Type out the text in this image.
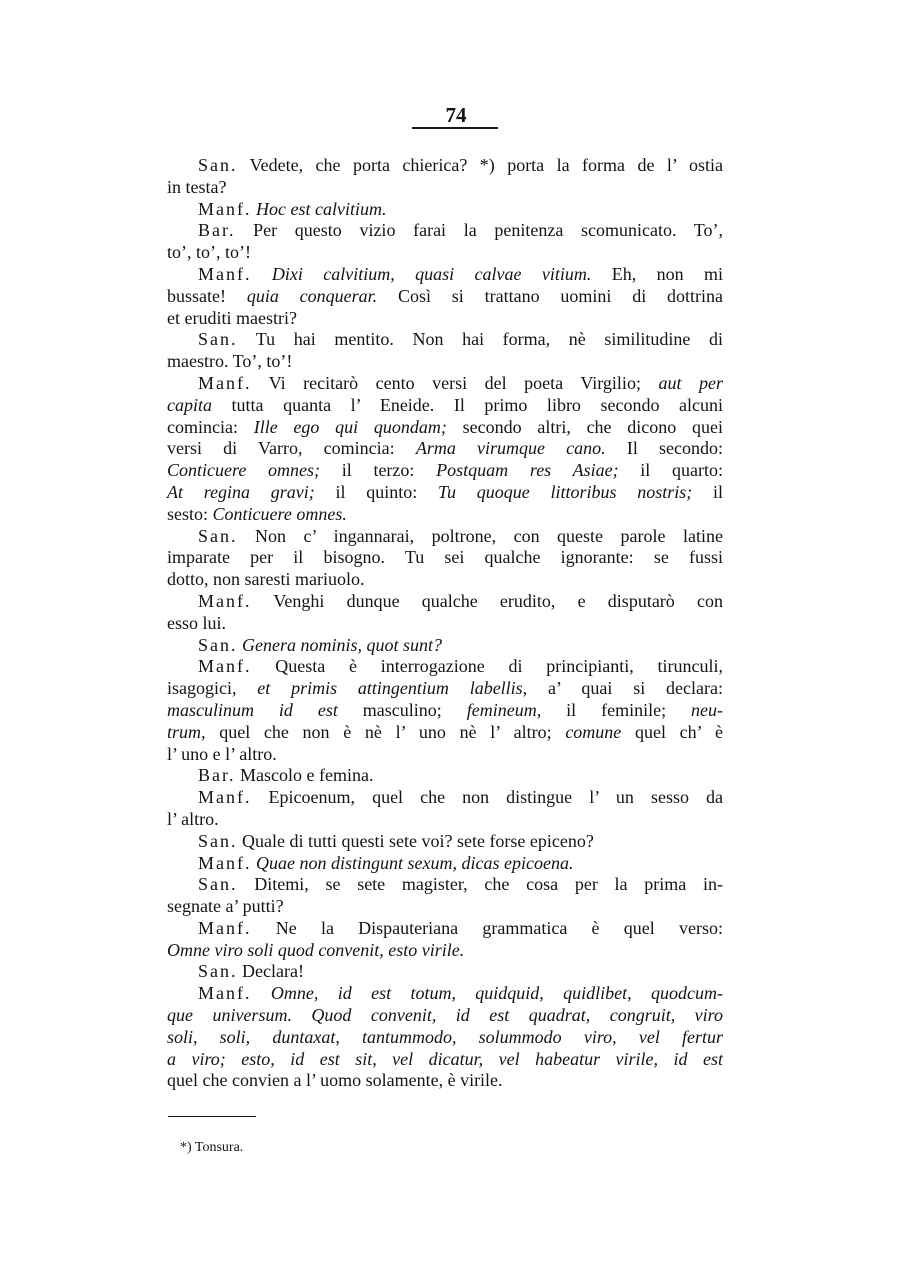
74
San. Vedete, che porta chierica? *) porta la forma de l’ ostia
in testa?
Manf. Hoc est calvitium.
Bar. Per questo vizio farai la penitenza scomunicato. To’,
to’, to’, to’!
Manf. Dixi calvitium, quasi calvae vitium. Eh, non mi
bussate! quia conquerar. Così si trattano uomini di dottrina
et eruditi maestri?
San. Tu hai mentito. Non hai forma, nè similitudine di
maestro. To’, to’!
Manf. Vi recitarò cento versi del poeta Virgilio; aut per
capita tutta quanta l’ Eneide. Il primo libro secondo alcuni
comincia: Ille ego qui quondam; secondo altri, che dicono quei
versi di Varro, comincia: Arma virumque cano. Il secondo:
Conticuere omnes; il terzo: Postquam res Asiae; il quarto:
At regina gravi; il quinto: Tu quoque littoribus nostris; il
sesto: Conticuere omnes.
San. Non c’ ingannarai, poltrone, con queste parole latine
imparate per il bisogno. Tu sei qualche ignorante: se fussi
dotto, non saresti mariuolo.
Manf. Venghi dunque qualche erudito, e disputarò con
esso lui.
San. Genera nominis, quot sunt?
Manf. Questa è interrogazione di principianti, tirunculi,
isagogici, et primis attingentium labellis, a’ quai si declara:
masculinum id est masculino; femineum, il feminile; neu-
trum, quel che non è nè l’ uno nè l’ altro; comune quel ch’ è
l’ uno e l’ altro.
Bar. Mascolo e femina.
Manf. Epicoenum, quel che non distingue l’ un sesso da
l’ altro.
San. Quale di tutti questi sete voi? sete forse epiceno?
Manf. Quae non distingunt sexum, dicas epicoena.
San. Ditemi, se sete magister, che cosa per la prima in-
segnate a’ putti?
Manf. Ne la Dispauteriana grammatica è quel verso:
Omne viro soli quod convenit, esto virile.
San. Declara!
Manf. Omne, id est totum, quidquid, quidlibet, quodcum-
que universum. Quod convenit, id est quadrat, congruit, viro
soli, soli, duntaxat, tantummodo, solummodo viro, vel fertur
a viro; esto, id est sit, vel dicatur, vel habeatur virile, id est
quel che convien a l’ uomo solamente, è virile.
*) Tonsura.
